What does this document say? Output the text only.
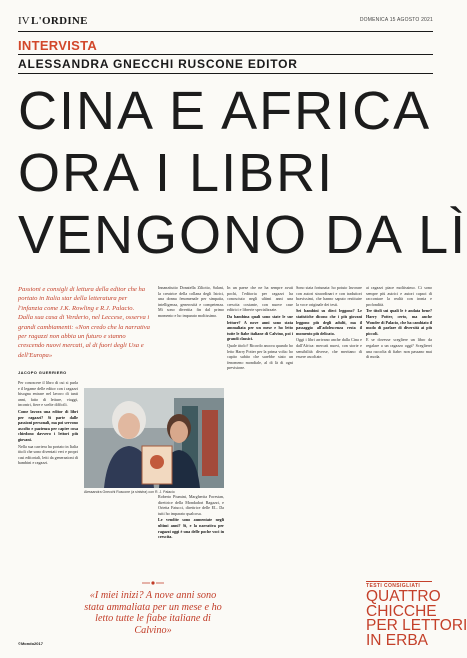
IV L'ORDINE	DOMENICA 15 AGOSTO 2021
INTERVISTA
ALESSANDRA GNECCHI RUSCONE EDITOR
CINA E AFRICA
ORA I LIBRI
VENGONO DA LÌ
Passioni e consigli di lettura della editor che ha portato in Italia star della letteratura per l'infanzia come J.K. Rowling e R.J. Palacio. Dalla sua casa di Verderio, nel Leccese, osserva i grandi cambiamenti: «Non credo che la narrativa per ragazzi non abbia un futuro e stanno crescendo nuovi mercati, al di fuori degli Usa e dell'Europa»
JACOPO GUERRIERO

Per conoscere il libro di cui si parla e il legame delle editor con i ragazzi bisogna entrare nel lavoro di tanti anni, fatto di letture, viaggi, incontri, fiere e scelte difficili.

Come lavora una editor di libri per ragazzi? Si parte dalle passioni personali, ma poi servono ascolto e pazienza per capire cosa chiedono davvero i lettori più giovani.

Nella sua carriera ha portato in Italia titoli che sono diventati veri e propri casi editoriali, letti da generazioni di bambini e ragazzi.

Alessandra Gnecchi Ruscone (a sinistra) con R. J. Palacio

Innanzitutto Donatella Ziliotto, Salani, la creatrice della collana degli Istrici, una donna fenomenale per simpatia, intelligenza, generosità e competenza. Mi sono divertita fin dal primo momento e ho imparato moltissimo.

Roberto Piumini, Margherita Forestan, direttrice della Mondadori Ragazzi, e Orietta Fatucci, direttrice delle EL. Da tutti ho imparato qualcosa.

Le vendite sono aumentate negli ultimi anni? Sì, e la narrativa per ragazzi oggi è una delle poche voci in crescita.

In un paese che ne ha sempre avuti pochi, l'editoria per ragazzi ha conosciuto negli ultimi anni una crescita costante, con nuove case editrici e librerie specializzate.

Da bambina quali sono state le sue letture? A nove anni sono stata ammaliata per un mese e ho letto tutte le fiabe italiane di Calvino, poi i grandi classici.

Quale titolo? Ricordo ancora quando ho letto Harry Potter per la prima volta: ho capito subito che sarebbe stato un fenomeno mondiale, al di là di ogni previsione.

Sono stata fortunata: ho potuto lavorare con autori straordinari e con traduttori bravissimi, che hanno saputo restituire la voce originale dei testi.

Sei bambini su dieci leggono? Le statistiche dicono che i più giovani leggono più degli adulti, ma il passaggio all'adolescenza resta il momento più delicato.

Oggi i libri arrivano anche dalla Cina e dall'Africa: mercati nuovi, con storie e sensibilità diverse, che meritano di essere ascoltate.

ai ragazzi piace moltissimo. Ci sono sempre più autrici e autori capaci di raccontare la realtà con ironia e profondità.

Tre titoli sui quali le è andata bene? Harry Potter, certo, ma anche Wonder di Palacio, che ha cambiato il modo di parlare di diversità ai più piccoli.

E se dovesse scegliere un libro da regalare a un ragazzo oggi? Sceglierei una raccolta di fiabe: non passano mai di moda.

«I miei inizi? A nove anni sono stata ammaliata per un mese e ho letto tutte le fiabe italiane di Calvino»
TESTI CONSIGLIATI
QUATTRO
CHICCHE
PER LETTORI
IN ERBA
©Mondo2017
